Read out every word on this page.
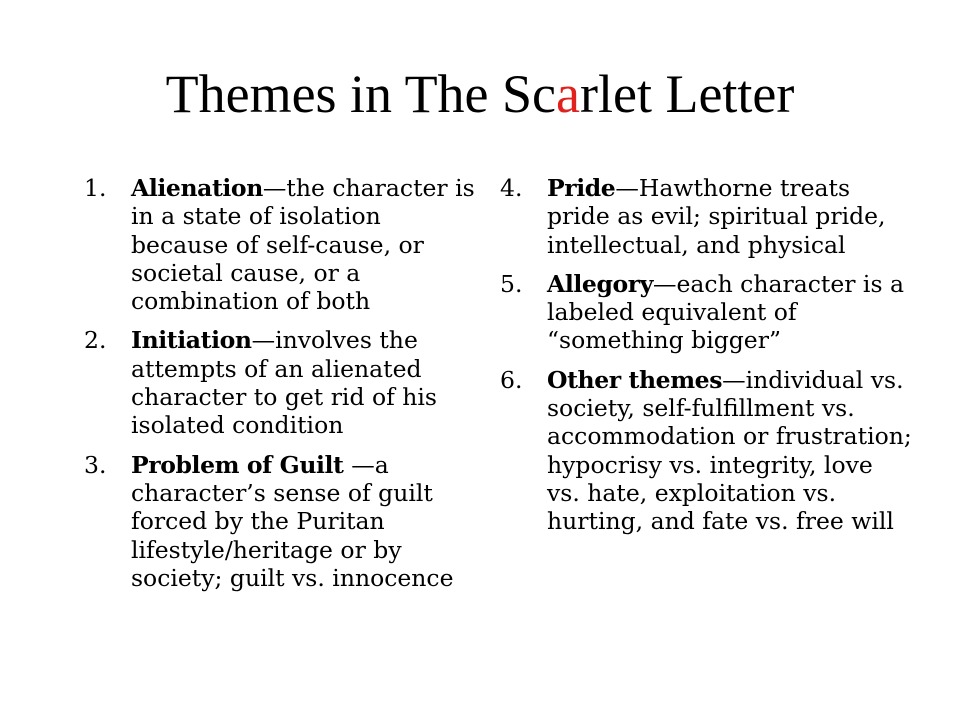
Themes in The Scarlet Letter
1.	Alienation—the character is in a state of isolation because of self-cause, or societal cause, or a combination of both
2.	Initiation—involves the attempts of an alienated character to get rid of his isolated condition
3.	Problem of Guilt —a character’s sense of guilt forced by the Puritan lifestyle/heritage or by society; guilt vs. innocence
4.	Pride—Hawthorne treats pride as evil; spiritual pride, intellectual, and physical
5.	Allegory—each character is a labeled equivalent of “something bigger”
6.	Other themes—individual vs. society, self-fulfillment vs. accommodation or frustration; hypocrisy vs. integrity, love vs. hate, exploitation vs. hurting, and fate vs. free will
